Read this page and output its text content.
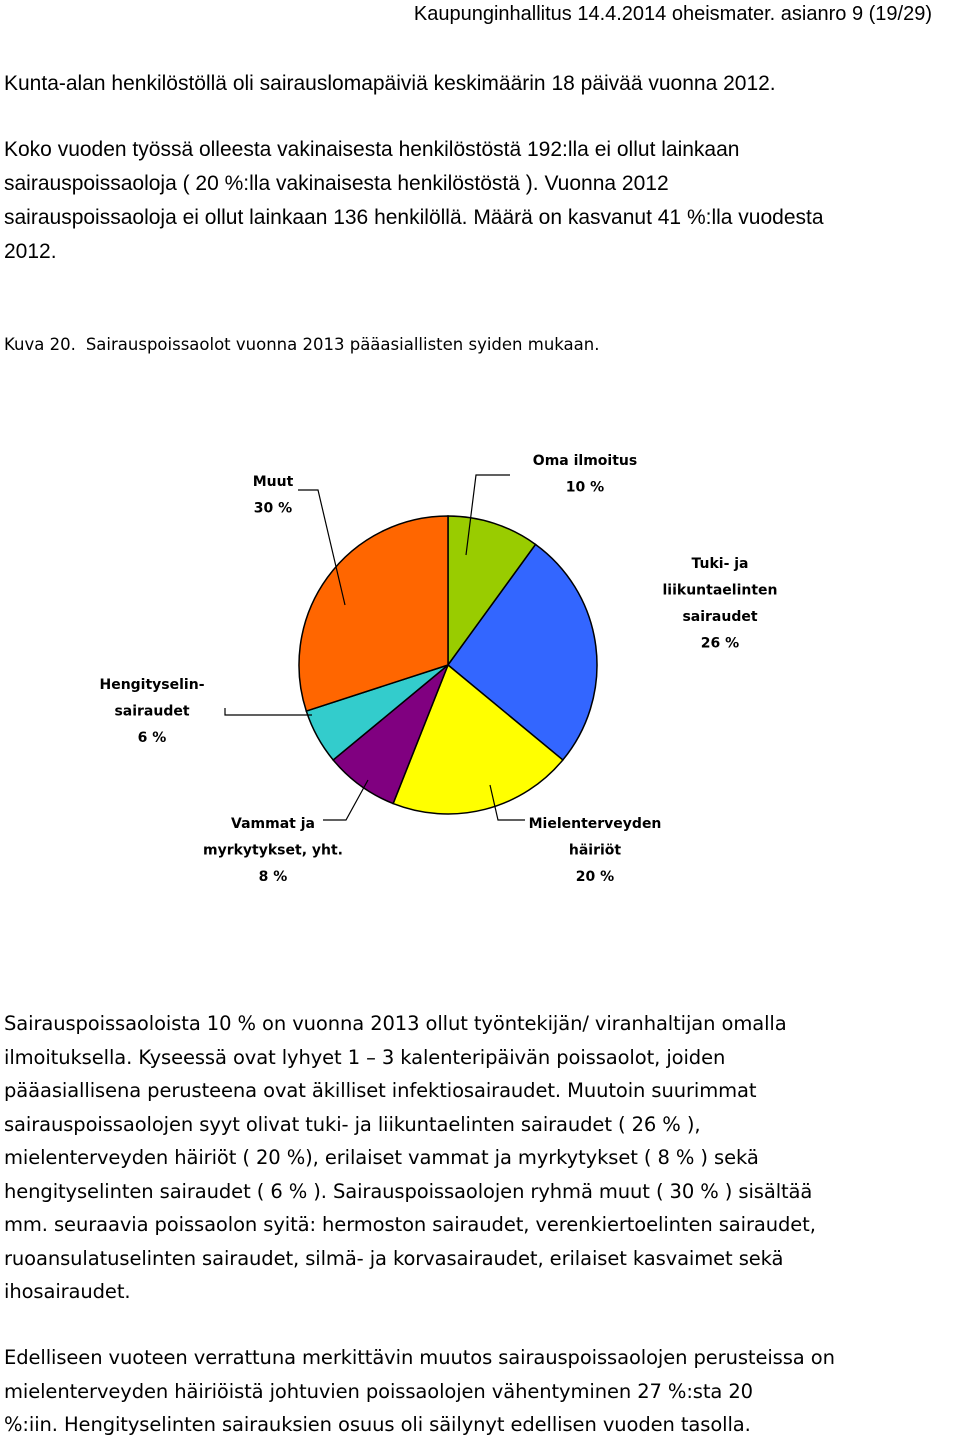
Kaupunginhallitus 14.4.2014 oheismater. asianro 9 (19/29)

Kunta-alan henkilöstöllä oli sairauslomapäiviä keskimäärin 18 päivää vuonna 2012.

Koko vuoden työssä olleesta vakinaisesta henkilöstöstä 192:lla ei ollut lainkaan
sairauspoissaoloja ( 20 %:lla vakinaisesta henkilöstöstä ). Vuonna 2012
sairauspoissaoloja ei ollut lainkaan 136 henkilöllä. Määrä on kasvanut 41 %:lla vuodesta
2012.
Kuva 20. Sairauspoissaolot vuonna 2013 pääasiallisten syiden mukaan.
Oma ilmoitus
10 %
Tuki- ja
liikuntaelinten
sairaudet
26 %
Mielenterveyden
häiriöt
20 %
Vammat ja
myrkytykset, yht.
8 %
Hengityselin-
sairaudet
6 %
Muut
30 %
Sairauspoissaoloista 10 % on vuonna 2013 ollut työntekijän/ viranhaltijan omalla
ilmoituksella. Kyseessä ovat lyhyet 1 – 3 kalenteripäivän poissaolot, joiden
pääasiallisena perusteena ovat äkilliset infektiosairaudet. Muutoin suurimmat
sairauspoissaolojen syyt olivat tuki- ja liikuntaelinten sairaudet ( 26 % ),
mielenterveyden häiriöt ( 20 %), erilaiset vammat ja myrkytykset ( 8 % ) sekä
hengityselinten sairaudet ( 6 % ). Sairauspoissaolojen ryhmä muut ( 30 % ) sisältää
mm. seuraavia poissaolon syitä: hermoston sairaudet, verenkiertoelinten sairaudet,
ruoansulatuselinten sairaudet, silmä- ja korvasairaudet, erilaiset kasvaimet sekä
ihosairaudet.
Edelliseen vuoteen verrattuna merkittävin muutos sairauspoissaolojen perusteissa on
mielenterveyden häiriöistä johtuvien poissaolojen vähentyminen 27 %:sta 20
%:iin. Hengityselinten sairauksien osuus oli säilynyt edellisen vuoden tasolla.
